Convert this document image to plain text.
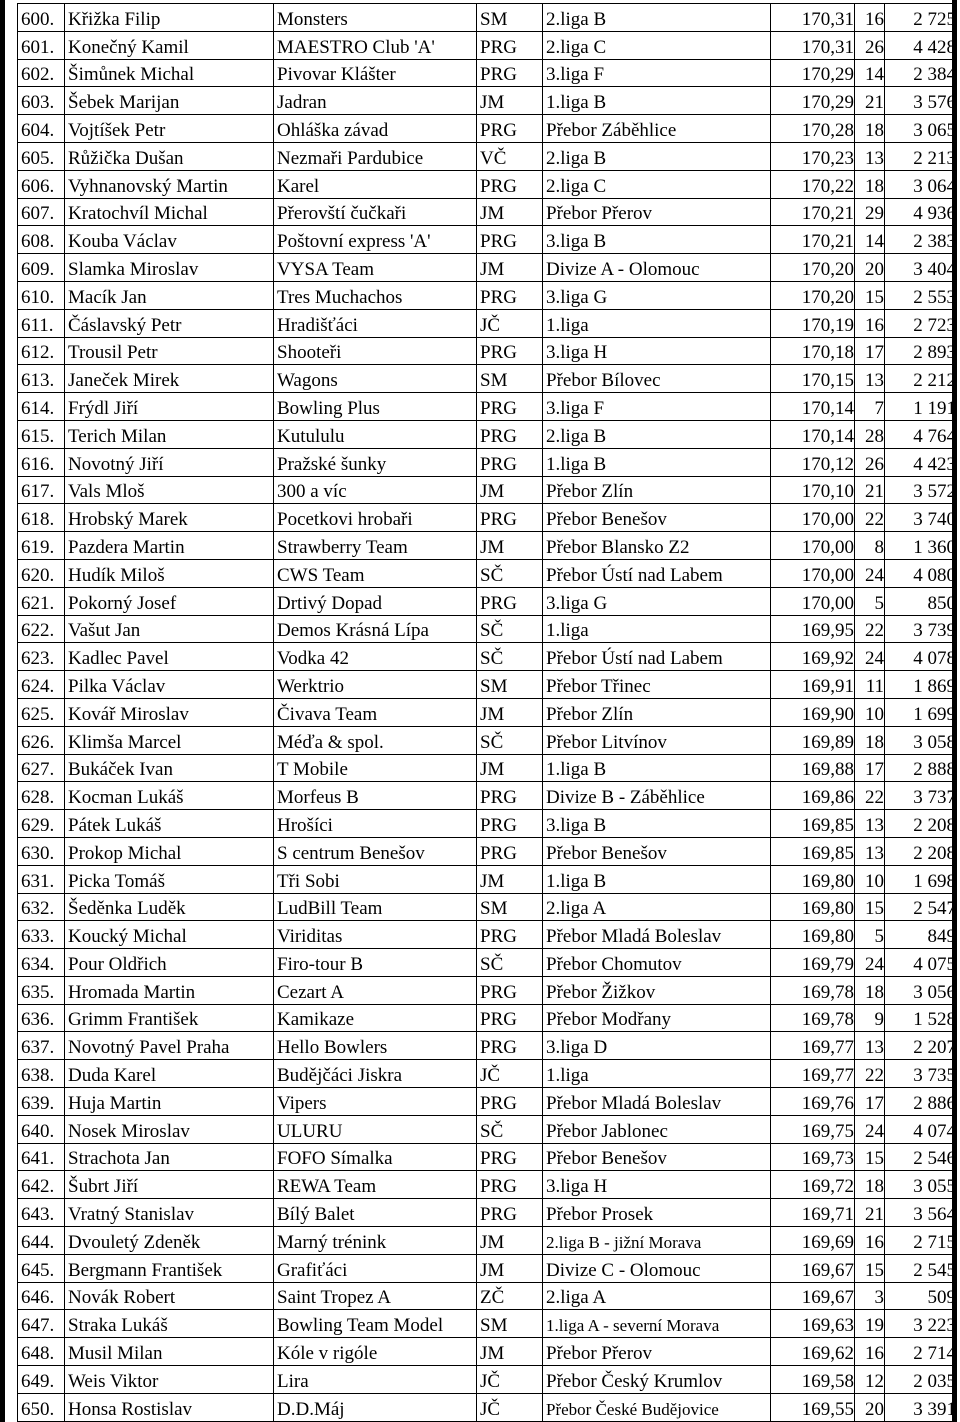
600.	Křižka Filip	Monsters	SM	2.liga B	170,31	16	2 725
601.	Konečný Kamil	MAESTRO Club 'A'	PRG	2.liga C	170,31	26	4 428
602.	Šimůnek Michal	Pivovar Klášter	PRG	3.liga F	170,29	14	2 384
603.	Šebek Marijan	Jadran	JM	1.liga B	170,29	21	3 576
604.	Vojtíšek Petr	Ohláška závad	PRG	Přebor Záběhlice	170,28	18	3 065
605.	Růžička Dušan	Nezmaři Pardubice	VČ	2.liga B	170,23	13	2 213
606.	Vyhnanovský Martin	Karel	PRG	2.liga C	170,22	18	3 064
607.	Kratochvíl Michal	Přerovští čučkaři	JM	Přebor Přerov	170,21	29	4 936
608.	Kouba Václav	Poštovní express 'A'	PRG	3.liga B	170,21	14	2 383
609.	Slamka Miroslav	VYSA Team	JM	Divize A - Olomouc	170,20	20	3 404
610.	Macík Jan	Tres Muchachos	PRG	3.liga G	170,20	15	2 553
611.	Čáslavský Petr	Hradišťáci	JČ	1.liga	170,19	16	2 723
612.	Trousil Petr	Shooteři	PRG	3.liga H	170,18	17	2 893
613.	Janeček Mirek	Wagons	SM	Přebor Bílovec	170,15	13	2 212
614.	Frýdl Jiří	Bowling Plus	PRG	3.liga F	170,14	7	1 191
615.	Terich Milan	Kutululu	PRG	2.liga B	170,14	28	4 764
616.	Novotný Jiří	Pražské šunky	PRG	1.liga B	170,12	26	4 423
617.	Vals Mloš	300 a víc	JM	Přebor Zlín	170,10	21	3 572
618.	Hrobský Marek	Pocetkovi hrobaři	PRG	Přebor Benešov	170,00	22	3 740
619.	Pazdera Martin	Strawberry Team	JM	Přebor Blansko Z2	170,00	8	1 360
620.	Hudík Miloš	CWS Team	SČ	Přebor Ústí nad Labem	170,00	24	4 080
621.	Pokorný Josef	Drtivý Dopad	PRG	3.liga G	170,00	5	850
622.	Vašut Jan	Demos Krásná Lípa	SČ	1.liga	169,95	22	3 739
623.	Kadlec Pavel	Vodka 42	SČ	Přebor Ústí nad Labem	169,92	24	4 078
624.	Pilka Václav	Werktrio	SM	Přebor Třinec	169,91	11	1 869
625.	Kovář Miroslav	Čivava Team	JM	Přebor Zlín	169,90	10	1 699
626.	Klimša Marcel	Méďa & spol.	SČ	Přebor Litvínov	169,89	18	3 058
627.	Bukáček Ivan	T Mobile	JM	1.liga B	169,88	17	2 888
628.	Kocman Lukáš	Morfeus B	PRG	Divize B - Záběhlice	169,86	22	3 737
629.	Pátek Lukáš	Hrošíci	PRG	3.liga B	169,85	13	2 208
630.	Prokop Michal	S centrum Benešov	PRG	Přebor Benešov	169,85	13	2 208
631.	Picka Tomáš	Tři Sobi	JM	1.liga B	169,80	10	1 698
632.	Šeděnka Luděk	LudBill Team	SM	2.liga A	169,80	15	2 547
633.	Koucký Michal	Viriditas	PRG	Přebor Mladá Boleslav	169,80	5	849
634.	Pour Oldřich	Firo-tour B	SČ	Přebor Chomutov	169,79	24	4 075
635.	Hromada Martin	Cezart A	PRG	Přebor Žižkov	169,78	18	3 056
636.	Grimm František	Kamikaze	PRG	Přebor Modřany	169,78	9	1 528
637.	Novotný Pavel Praha	Hello Bowlers	PRG	3.liga D	169,77	13	2 207
638.	Duda Karel	Budějčáci Jiskra	JČ	1.liga	169,77	22	3 735
639.	Huja Martin	Vipers	PRG	Přebor Mladá Boleslav	169,76	17	2 886
640.	Nosek Miroslav	ULURU	SČ	Přebor Jablonec	169,75	24	4 074
641.	Strachota Jan	FOFO Símalka	PRG	Přebor Benešov	169,73	15	2 546
642.	Šubrt Jiří	REWA Team	PRG	3.liga H	169,72	18	3 055
643.	Vratný Stanislav	Bílý Balet	PRG	Přebor Prosek	169,71	21	3 564
644.	Dvouletý Zdeněk	Marný trénink	JM	2.liga B - jižní Morava	169,69	16	2 715
645.	Bergmann František	Grafiťáci	JM	Divize C - Olomouc	169,67	15	2 545
646.	Novák Robert	Saint Tropez A	ZČ	2.liga A	169,67	3	509
647.	Straka Lukáš	Bowling Team Model	SM	1.liga A - severní Morava	169,63	19	3 223
648.	Musil Milan	Kóle v rigóle	JM	Přebor Přerov	169,62	16	2 714
649.	Weis Viktor	Lira	JČ	Přebor Český Krumlov	169,58	12	2 035
650.	Honsa Rostislav	D.D.Máj	JČ	Přebor České Budějovice	169,55	20	3 391
